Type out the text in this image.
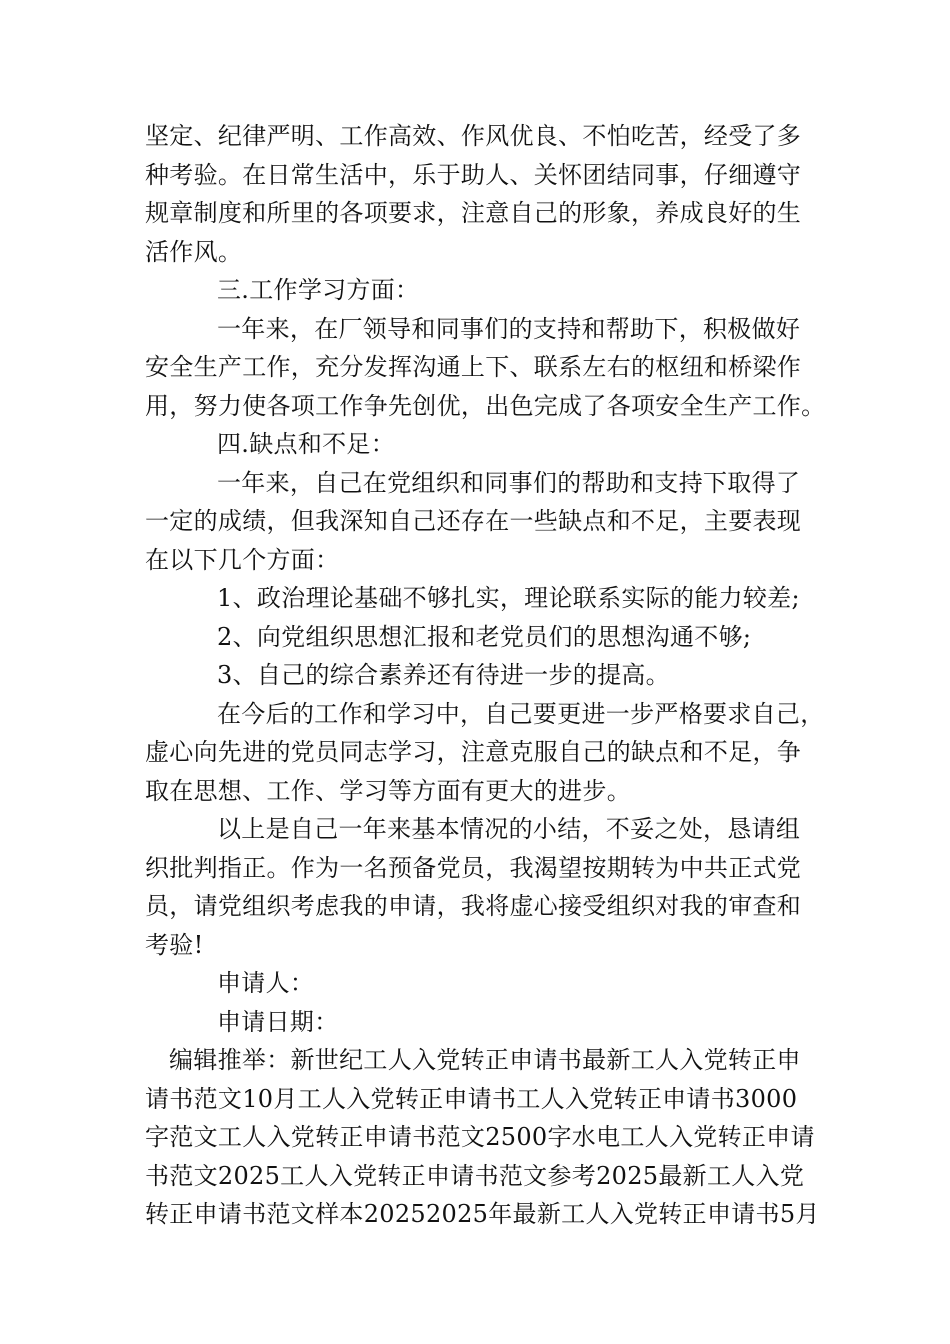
坚定、纪律严明、工作高效、作风优良、不怕吃苦，经受了多
种考验。在日常生活中，乐于助人、关怀团结同事，仔细遵守
规章制度和所里的各项要求，注意自己的形象，养成良好的生
活作风。
三.工作学习方面：
一年来，在厂领导和同事们的支持和帮助下，积极做好
安全生产工作，充分发挥沟通上下、联系左右的枢纽和桥梁作
用，努力使各项工作争先创优，出色完成了各项安全生产工作。
四.缺点和不足：
一年来，自己在党组织和同事们的帮助和支持下取得了
一定的成绩，但我深知自己还存在一些缺点和不足，主要表现
在以下几个方面：
1、政治理论基础不够扎实，理论联系实际的能力较差;
2、向党组织思想汇报和老党员们的思想沟通不够;
3、自己的综合素养还有待进一步的提高。
在今后的工作和学习中，自己要更进一步严格要求自己，
虚心向先进的党员同志学习，注意克服自己的缺点和不足，争
取在思想、工作、学习等方面有更大的进步。
以上是自己一年来基本情况的小结，不妥之处，恳请组
织批判指正。作为一名预备党员，我渴望按期转为中共正式党
员，请党组织考虑我的申请，我将虚心接受组织对我的审查和
考验!
申请人：
申请日期：
编辑推举：新世纪工人入党转正申请书最新工人入党转正申
请书范文10月工人入党转正申请书工人入党转正申请书3000
字范文工人入党转正申请书范文2500字水电工人入党转正申请
书范文2025工人入党转正申请书范文参考2025最新工人入党
转正申请书范文样本20252025年最新工人入党转正申请书5月
